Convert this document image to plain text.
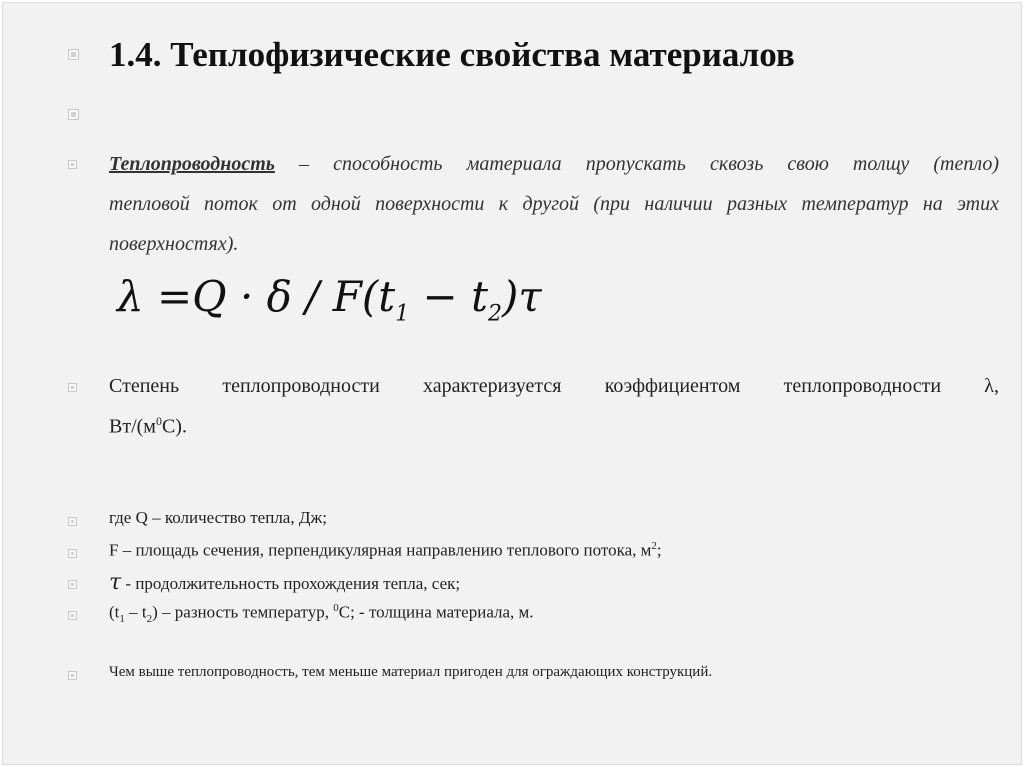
1.4. Теплофизические свойства материалов
Теплопроводность – способность материала пропускать сквозь свою толщу (тепло)
тепловой поток от одной поверхности к другой (при наличии разных температур на этих
поверхностях).
$\lambda =Q \cdot \delta / F(t_1 - t_2)\tau$
Степень теплопроводности характеризуется коэффициентом теплопроводности λ,
$Вт/(м^0С)$.
где Q – количество тепла, Дж;
F – площадь сечения, перпендикулярная направлению теплового потока, $м^2$;
τ - продолжительность прохождения тепла, сек;
$(t_1 - t_2)$ – разность температур, $^0$С; - толщина материала, м.
Чем выше теплопроводность, тем меньше материал пригоден для ограждающих конструкций.
